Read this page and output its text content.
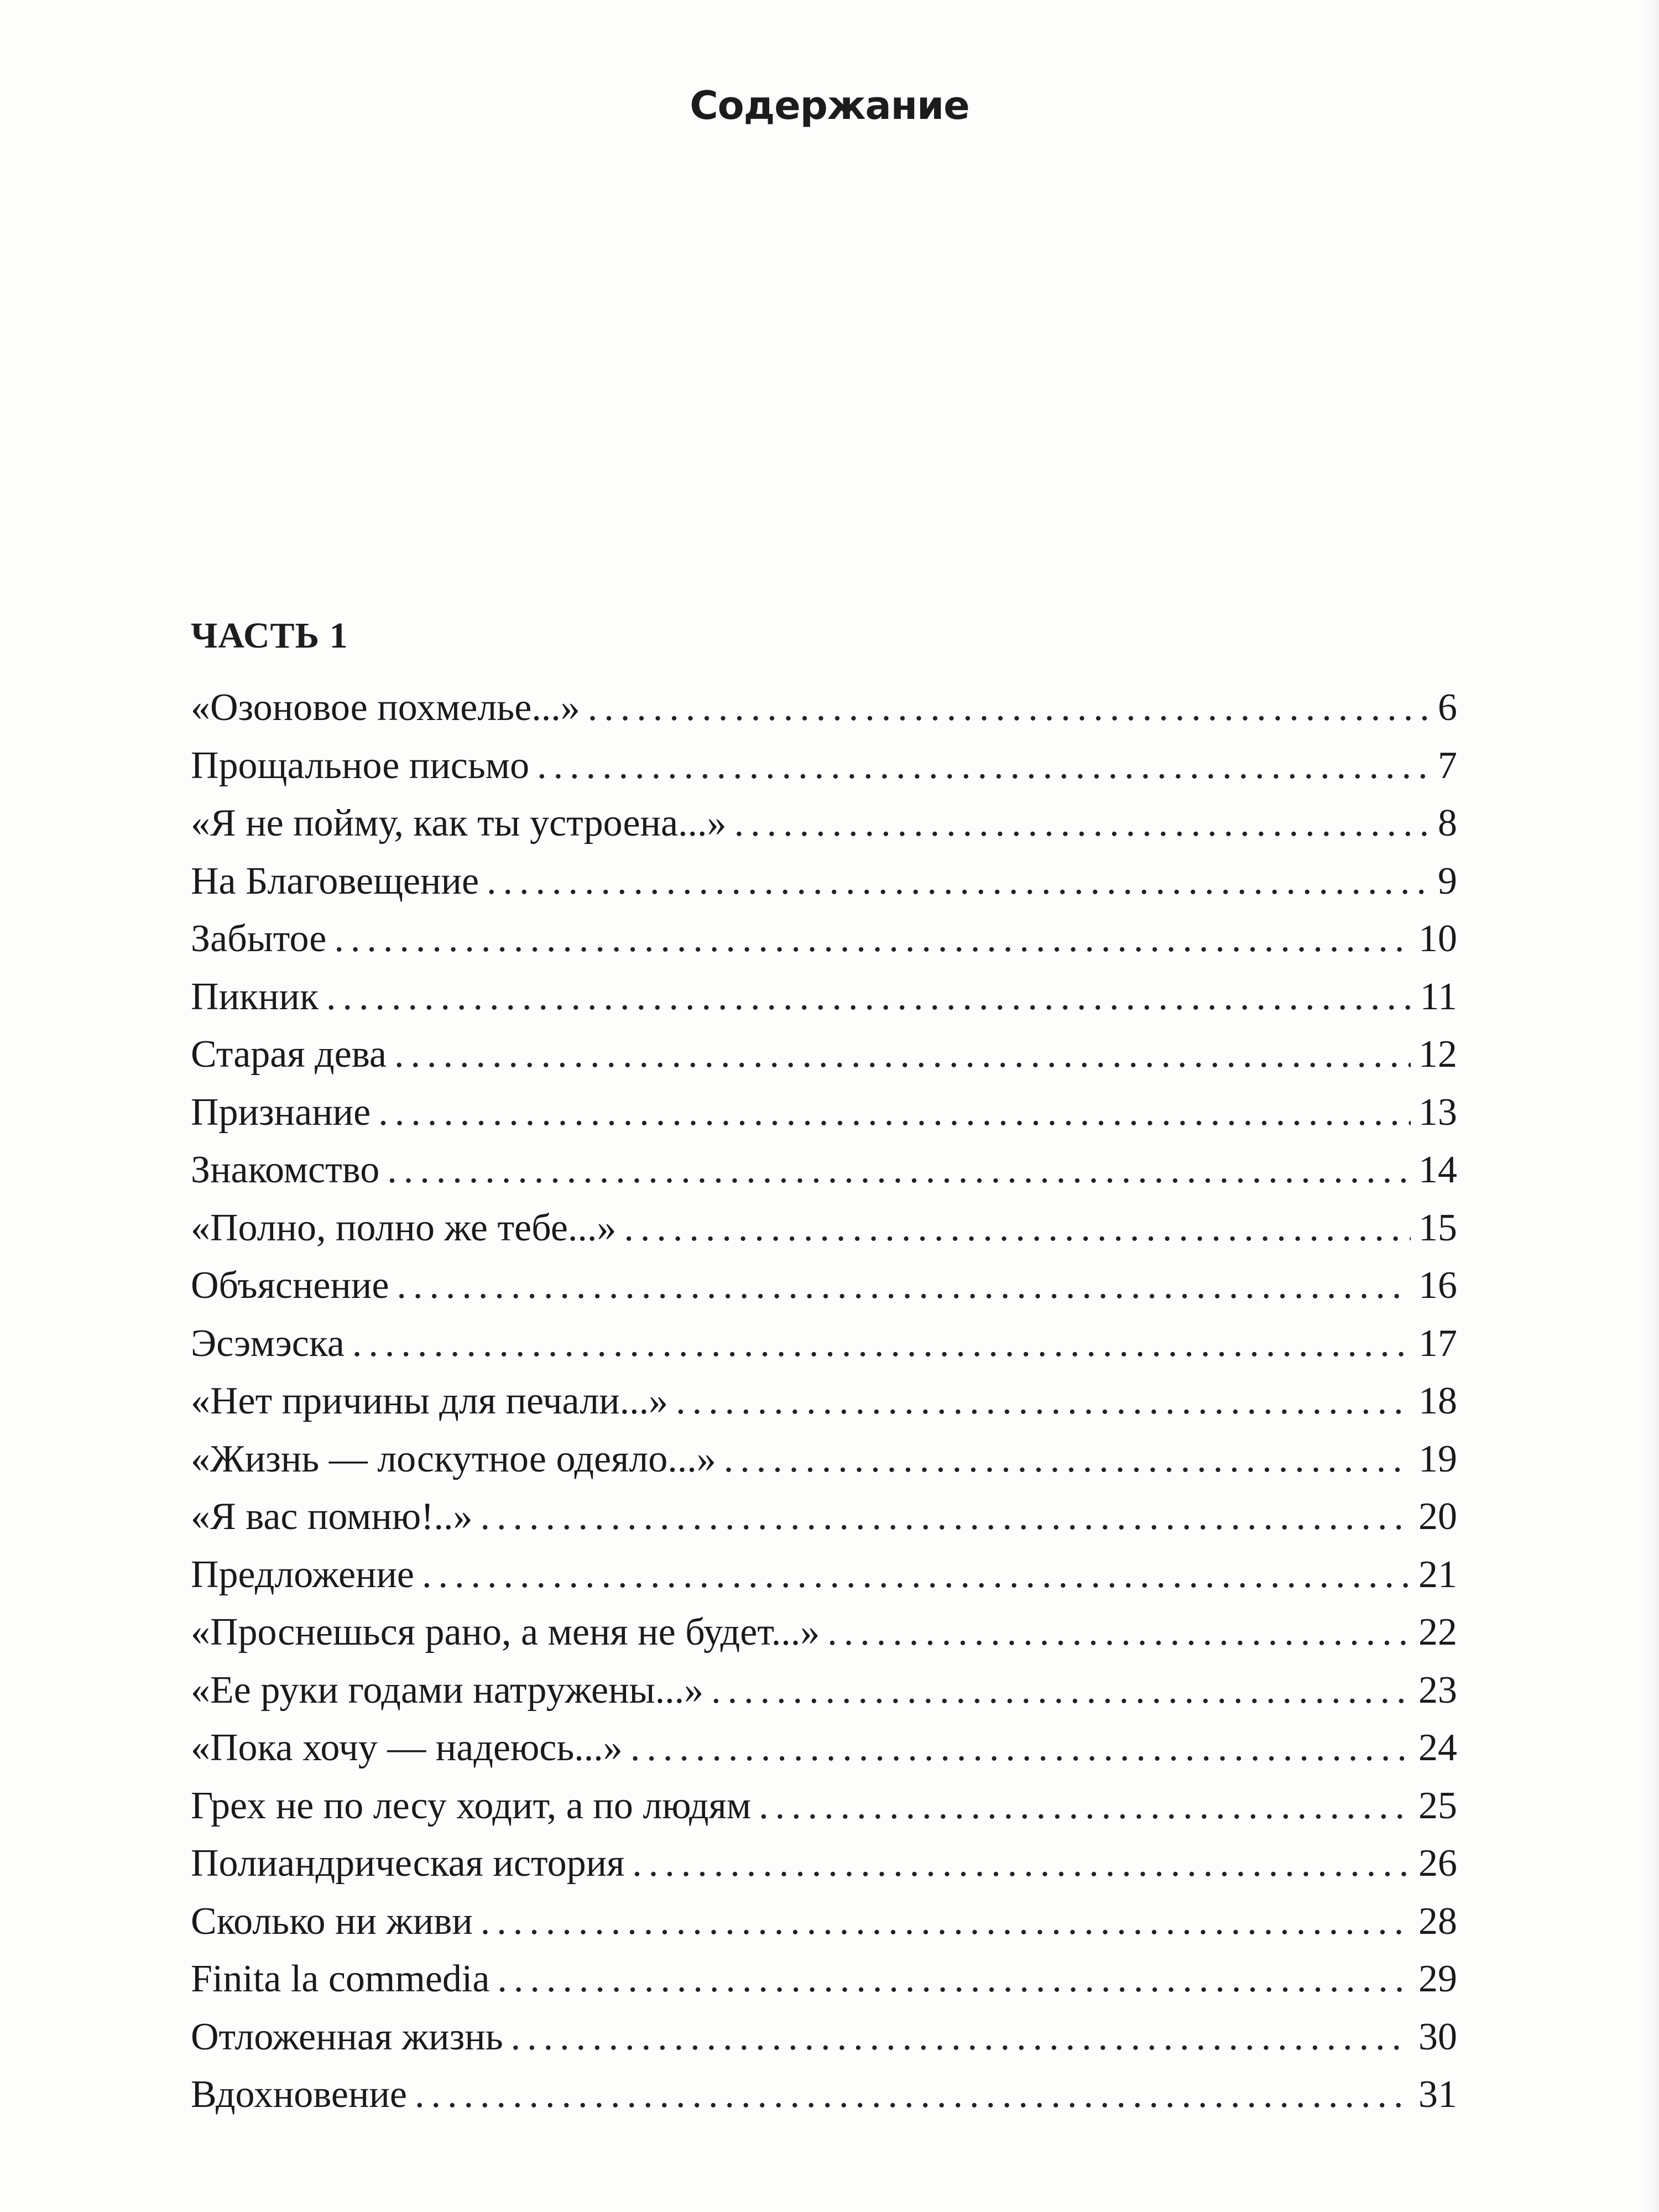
Содержание
ЧАСТЬ 1
«Озоновое похмелье...» .....	6
Прощальное письмо .....	7
«Я не пойму, как ты устроена...» .....	8
На Благовещение .....	9
Забытое .....	10
Пикник .....	11
Старая дева .....	12
Признание .....	13
Знакомство .....	14
«Полно, полно же тебе...» .....	15
Объяснение .....	16
Эсэмэска .....	17
«Нет причины для печали...» .....	18
«Жизнь — лоскутное одеяло...» .....	19
«Я вас помню!..» .....	20
Предложение .....	21
«Проснешься рано, а меня не будет...» .....	22
«Ее руки годами натружены...» .....	23
«Пока хочу — надеюсь...» .....	24
Грех не по лесу ходит, а по людям .....	25
Полиандрическая история .....	26
Сколько ни живи .....	28
Finita la commedia .....	29
Отложенная жизнь .....	30
Вдохновение .....	31
